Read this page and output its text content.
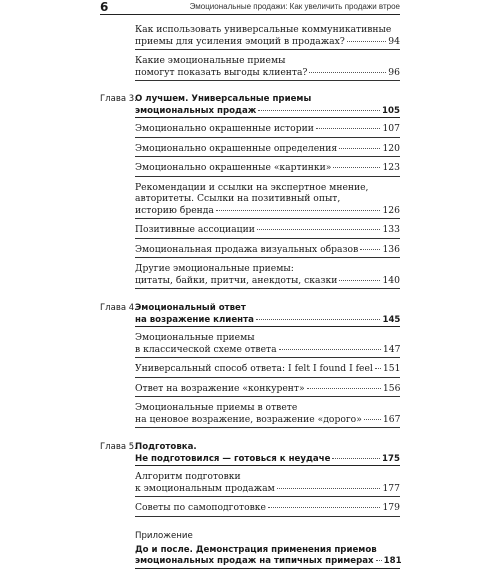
6	Эмоциональные продажи: Как увеличить продажи втрое
Как использовать универсальные коммуникативные
приемы для усиления эмоций в продажах?	94
Какие эмоциональные приемы
помогут показать выгоды клиента?	96
Глава 3.
О лучшем. Универсальные приемы
эмоциональных продаж	105
Эмоционально окрашенные истории	107
Эмоционально окрашенные определения	120
Эмоционально окрашенные «картинки»	123
Рекомендации и ссылки на экспертное мнение,
авторитеты. Ссылки на позитивный опыт,
историю бренда	126
Позитивные ассоциации	133
Эмоциональная продажа визуальных образов	136
Другие эмоциональные приемы:
цитаты, байки, притчи, анекдоты, сказки	140
Глава 4.
Эмоциональный ответ
на возражение клиента	145
Эмоциональные приемы
в классической схеме ответа	147
Универсальный способ ответа: I felt I found I feel 151
Ответ на возражение «конкурент»	156
Эмоциональные приемы в ответе
на ценовое возражение, возражение «дорого» 167
Глава 5.
Подготовка.
Не подготовился — готовься к неудаче	175
Алгоритм подготовки
к эмоциональным продажам	177
Советы по самоподготовке	179
Приложение
До и после. Демонстрация применения приемов
эмоциональных продаж на типичных примерах 181
